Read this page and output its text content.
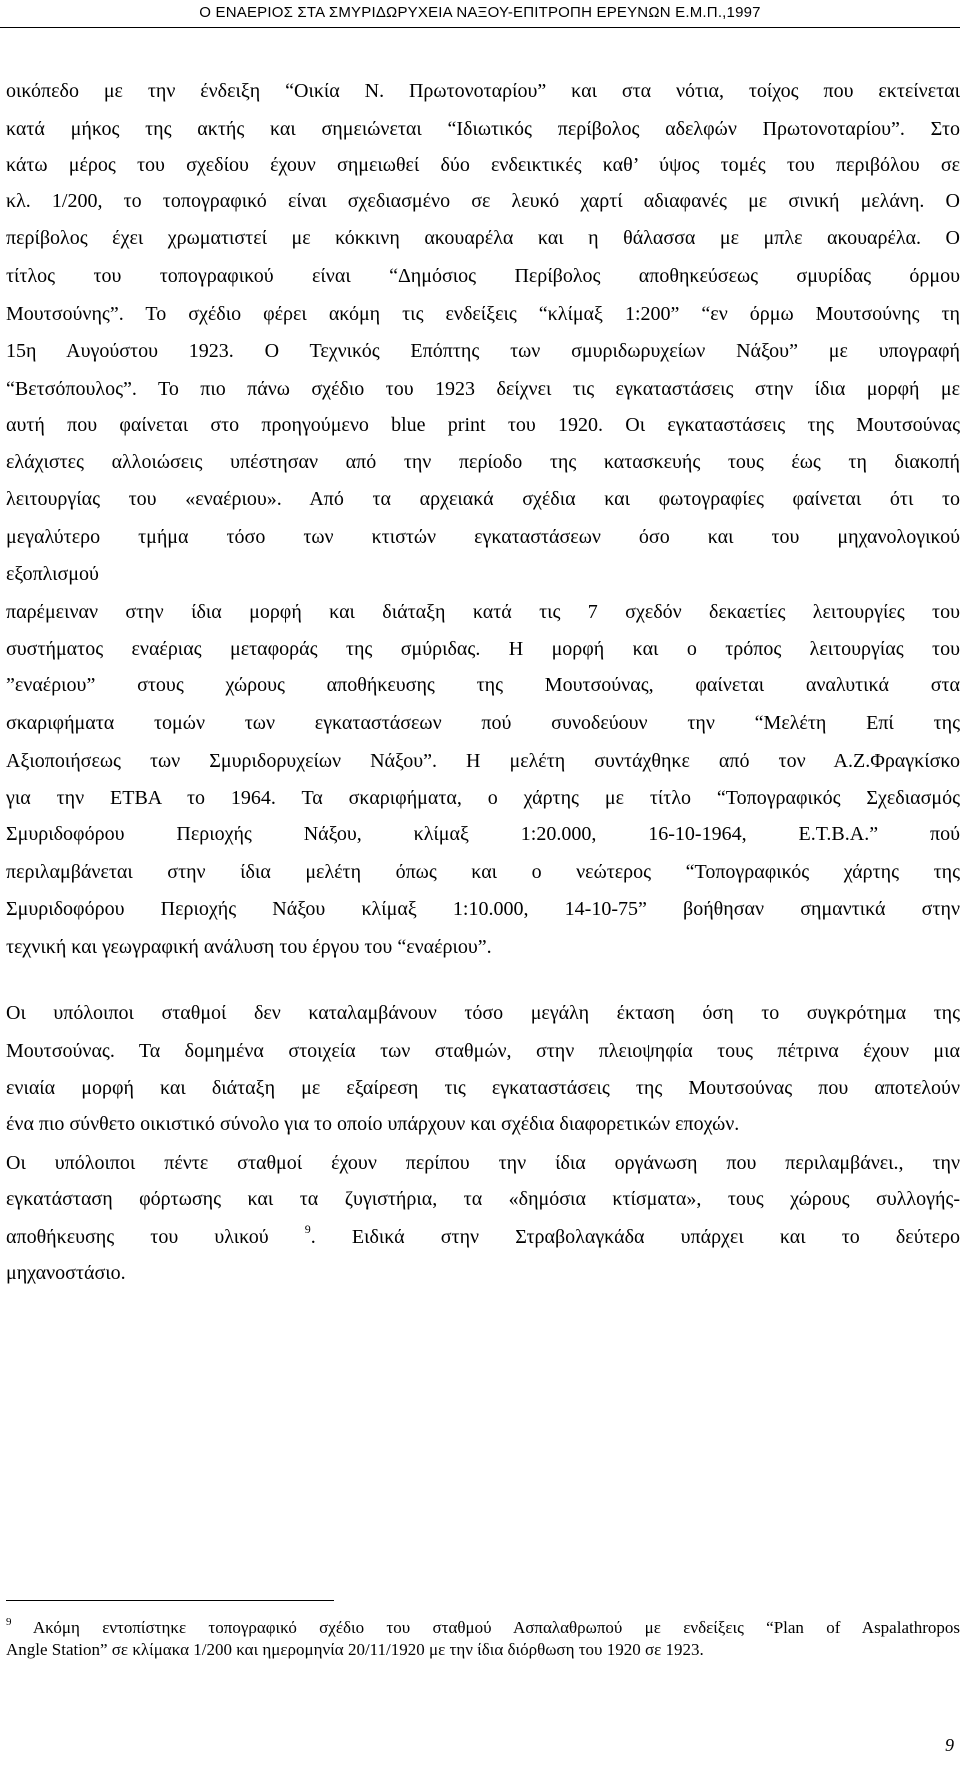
Ο ΕΝΑΕΡΙΟΣ ΣΤΑ ΣΜΥΡΙΔΩΡΥΧΕΙΑ ΝΑΞΟΥ-ΕΠΙΤΡΟΠΗ ΕΡΕΥΝΩΝ Ε.Μ.Π.,1997
οικόπεδο με την ένδειξη “Οικία Ν. Πρωτονοταρίου” και στα νότια, τοίχος που εκτείνεται
κατά μήκος της ακτής και σημειώνεται “Ιδιωτικός περίβολος αδελφών Πρωτονοταρίου”. Στο
κάτω μέρος του σχεδίου έχουν σημειωθεί δύο ενδεικτικές καθ’ ύψος τομές του περιβόλου σε
κλ. 1/200, το τοπογραφικό είναι σχεδιασμένο σε λευκό χαρτί αδιαφανές με σινική μελάνη. Ο
περίβολος έχει χρωματιστεί με κόκκινη ακουαρέλα και η θάλασσα με μπλε ακουαρέλα. Ο
τίτλος του τοπογραφικού είναι “Δημόσιος Περίβολος αποθηκεύσεως σμυρίδας όρμου
Μουτσούνης”. Το σχέδιο φέρει ακόμη τις ενδείξεις “κλίμαξ 1:200” “εν όρμω Μουτσούνης τη
15η Αυγούστου 1923. Ο Τεχνικός Επόπτης των σμυριδωρυχείων Νάξου” με υπογραφή
“Βετσόπουλος”. Το πιο πάνω σχέδιο του 1923 δείχνει τις εγκαταστάσεις στην ίδια μορφή με
αυτή που φαίνεται στο προηγούμενο blue print του 1920. Οι εγκαταστάσεις της Μουτσούνας
ελάχιστες αλλοιώσεις υπέστησαν από την περίοδο της κατασκευής τους έως τη διακοπή
λειτουργίας του «εναέριου». Από τα αρχειακά σχέδια και φωτογραφίες φαίνεται ότι το
μεγαλύτερο τμήμα τόσο των κτιστών εγκαταστάσεων όσο και του μηχανολογικού
εξοπλισμού
παρέμειναν στην ίδια μορφή και διάταξη κατά τις 7 σχεδόν δεκαετίες λειτουργίες του
συστήματος εναέριας μεταφοράς της σμύριδας. Η μορφή και ο τρόπος λειτουργίας του
”εναέριου” στους χώρους αποθήκευσης της Μουτσούνας, φαίνεται αναλυτικά στα
σκαριφήματα τομών των εγκαταστάσεων πού συνοδεύουν την “Μελέτη Επί της
Αξιοποιήσεως των Σμυριδορυχείων Νάξου”. Η μελέτη συντάχθηκε από τον Α.Ζ.Φραγκίσκο
για την ΕΤΒΑ το 1964. Τα σκαριφήματα, ο χάρτης με τίτλο “Τοπογραφικός Σχεδιασμός
Σμυριδοφόρου Περιοχής Νάξου, κλίμαξ 1:20.000, 16-10-1964, Ε.Τ.Β.Α.” πού
περιλαμβάνεται στην ίδια μελέτη όπως και ο νεώτερος “Τοπογραφικός χάρτης της
Σμυριδοφόρου Περιοχής Νάξου κλίμαξ 1:10.000, 14-10-75” βοήθησαν σημαντικά στην
τεχνική και γεωγραφική ανάλυση του έργου του “εναέριου”.
Οι υπόλοιποι σταθμοί δεν καταλαμβάνουν τόσο μεγάλη έκταση όση το συγκρότημα της
Μουτσούνας. Τα δομημένα στοιχεία των σταθμών, στην πλειοψηφία τους πέτρινα έχουν μια
ενιαία μορφή και διάταξη με εξαίρεση τις εγκαταστάσεις της Μουτσούνας που αποτελούν
ένα πιο σύνθετο οικιστικό σύνολο για το οποίο υπάρχουν και σχέδια διαφορετικών εποχών.
Οι υπόλοιποι πέντε σταθμοί έχουν περίπου την ίδια οργάνωση που περιλαμβάνει., την
εγκατάσταση φόρτωσης και τα ζυγιστήρια, τα «δημόσια κτίσματα», τους χώρους συλλογής-
αποθήκευσης του υλικού $^9$. Ειδικά στην Στραβολαγκάδα υπάρχει και το δεύτερο
μηχανοστάσιο.
$^9$ Ακόμη εντοπίστηκε τοπογραφικό σχέδιο του σταθμού Ασπαλαθρωπού με ενδείξεις “Plan of Aspalathropos
Angle Station” σε κλίμακα 1/200 και ημερομηνία 20/11/1920 με την ίδια διόρθωση του 1920 σε 1923.
9
